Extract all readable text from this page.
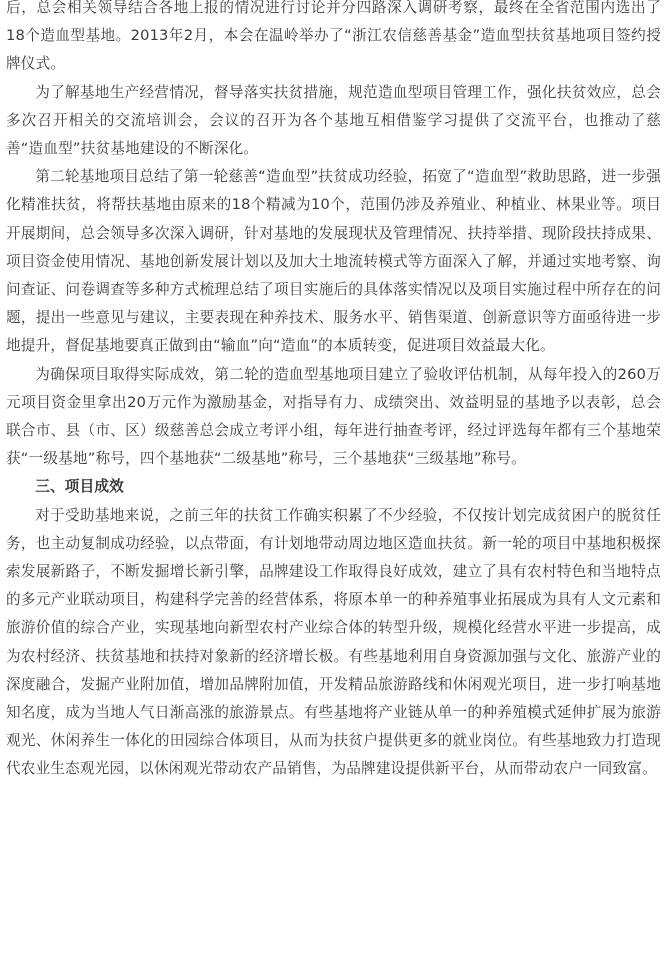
后，总会相关领导结合各地上报的情况进行讨论并分四路深入调研考察，最终在全省范围内选出了18个造血型基地。2013年2月，本会在温岭举办了“浙江农信慈善基金”造血型扶贫基地项目签约授牌仪式。

为了解基地生产经营情况，督导落实扶贫措施，规范造血型项目管理工作，强化扶贫效应，总会多次召开相关的交流培训会，会议的召开为各个基地互相借鉴学习提供了交流平台，也推动了慈善“造血型”扶贫基地建设的不断深化。

第二轮基地项目总结了第一轮慈善“造血型”扶贫成功经验，拓宽了“造血型”救助思路，进一步强化精准扶贫，将帮扶基地由原来的18个精减为10个，范围仍涉及养殖业、种植业、林果业等。项目开展期间，总会领导多次深入调研，针对基地的发展现状及管理情况、扶持举措、现阶段扶持成果、项目资金使用情况、基地创新发展计划以及加大土地流转模式等方面深入了解，并通过实地考察、询问查证、问卷调查等多种方式梳理总结了项目实施后的具体落实情况以及项目实施过程中所存在的问题，提出一些意见与建议，主要表现在种养技术、服务水平、销售渠道、创新意识等方面亟待进一步地提升，督促基地要真正做到由“输血”向“造血”的本质转变，促进项目效益最大化。

为确保项目取得实际成效，第二轮的造血型基地项目建立了验收评估机制，从每年投入的260万元项目资金里拿出20万元作为激励基金，对指导有力、成绩突出、效益明显的基地予以表彰，总会联合市、县（市、区）级慈善总会成立考评小组，每年进行抽查考评，经过评选每年都有三个基地荣获“一级基地”称号，四个基地获“二级基地”称号，三个基地获“三级基地”称号。

三、项目成效

对于受助基地来说，之前三年的扶贫工作确实积累了不少经验，不仅按计划完成贫困户的脱贫任务，也主动复制成功经验，以点带面，有计划地带动周边地区造血扶贫。新一轮的项目中基地积极探索发展新路子，不断发掘增长新引擎，品牌建设工作取得良好成效，建立了具有农村特色和当地特点的多元产业联动项目，构建科学完善的经营体系，将原本单一的种养殖事业拓展成为具有人文元素和旅游价值的综合产业，实现基地向新型农村产业综合体的转型升级，规模化经营水平进一步提高，成为农村经济、扶贫基地和扶持对象新的经济增长极。有些基地利用自身资源加强与文化、旅游产业的深度融合，发掘产业附加值，增加品牌附加值，开发精品旅游路线和休闲观光项目，进一步打响基地知名度，成为当地人气日渐高涨的旅游景点。有些基地将产业链从单一的种养殖模式延伸扩展为旅游观光、休闲养生一体化的田园综合体项目，从而为扶贫户提供更多的就业岗位。有些基地致力打造现代农业生态观光园，以休闲观光带动农产品销售，为品牌建设提供新平台，从而带动农户一同致富。
